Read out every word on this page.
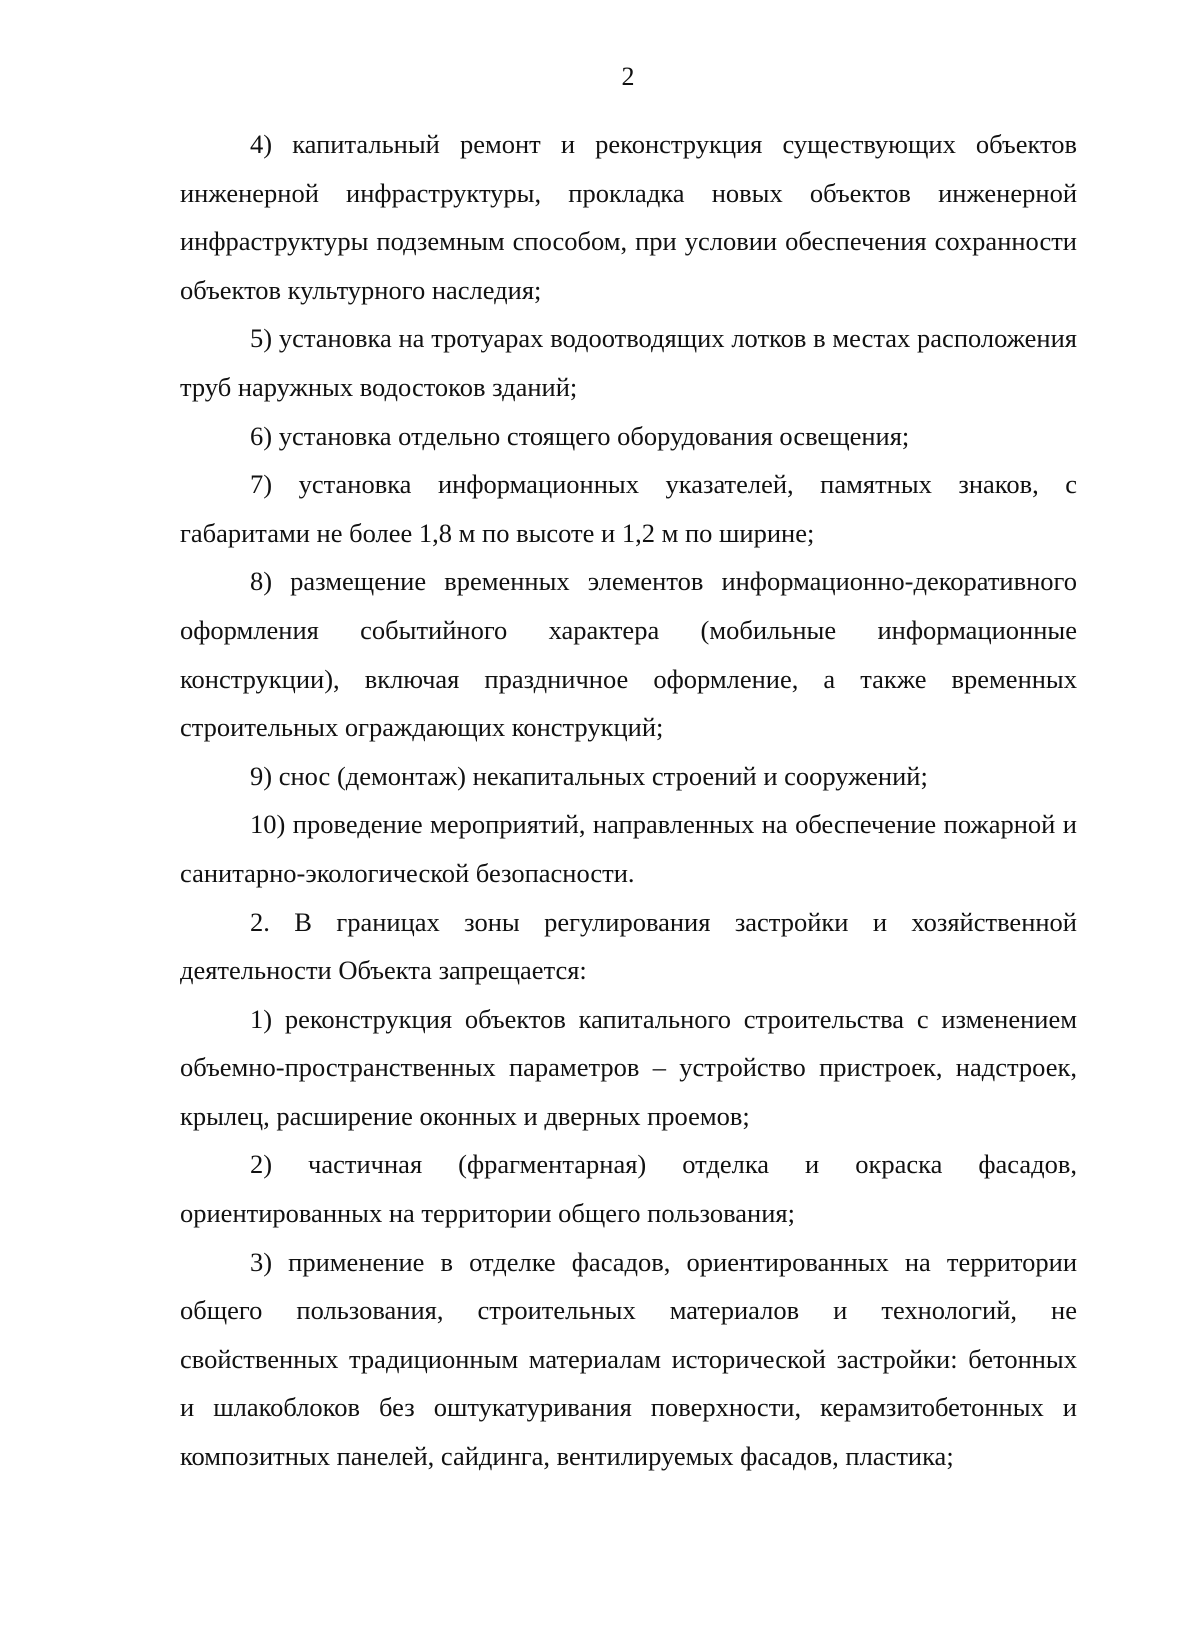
2

4) капитальный ремонт и реконструкция существующих объектов инженерной инфраструктуры, прокладка новых объектов инженерной инфраструктуры подземным способом, при условии обеспечения сохранности объектов культурного наследия;

5) установка на тротуарах водоотводящих лотков в местах расположения труб наружных водостоков зданий;

6) установка отдельно стоящего оборудования освещения;

7) установка информационных указателей, памятных знаков, с габаритами не более 1,8 м по высоте и 1,2 м по ширине;

8) размещение временных элементов информационно-декоративного оформления событийного характера (мобильные информационные конструкции), включая праздничное оформление, а также временных строительных ограждающих конструкций;

9) снос (демонтаж) некапитальных строений и сооружений;

10) проведение мероприятий, направленных на обеспечение пожарной и санитарно-экологической безопасности.

2. В границах зоны регулирования застройки и хозяйственной деятельности Объекта запрещается:

1) реконструкция объектов капитального строительства с изменением объемно-пространственных параметров – устройство пристроек, надстроек, крылец, расширение оконных и дверных проемов;

2) частичная (фрагментарная) отделка и окраска фасадов, ориентированных на территории общего пользования;

3) применение в отделке фасадов, ориентированных на территории общего пользования, строительных материалов и технологий, не свойственных традиционным материалам исторической застройки: бетонных и шлакоблоков без оштукатуривания поверхности, керамзитобетонных и композитных панелей, сайдинга, вентилируемых фасадов, пластика;
